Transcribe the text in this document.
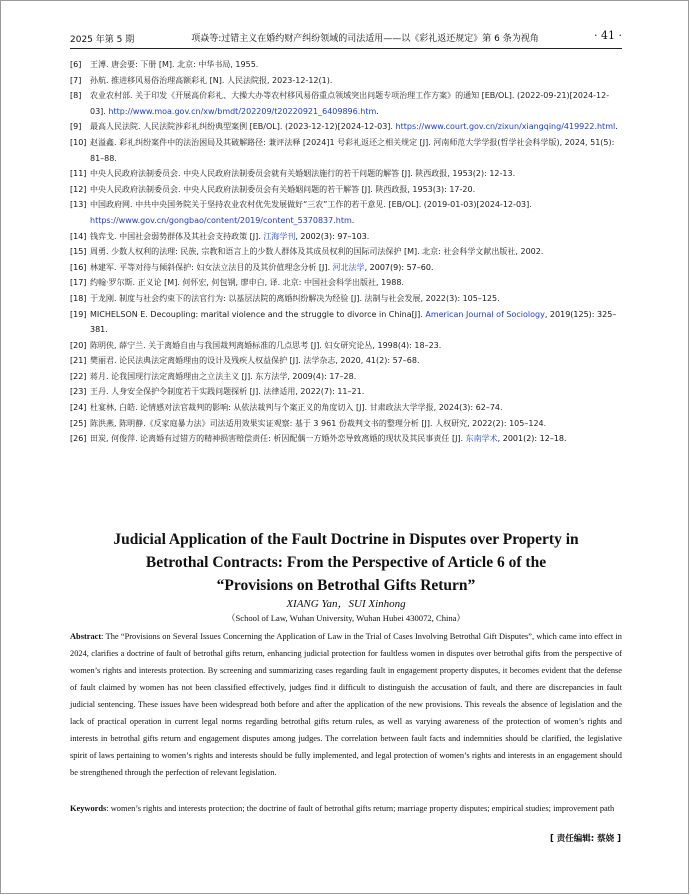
2025 年第 5 期	项焱等:过错主义在婚约财产纠纷领域的司法适用——以《彩礼返还规定》第 6 条为视角	· 41 ·
[6] 王溥. 唐会要: 下册 [M]. 北京: 中华书局, 1955.
[7] 孙航. 推进移风易俗治理高额彩礼 [N]. 人民法院报, 2023-12-12(1).
[8] 农业农村部. 关于印发《开展高价彩礼、大操大办等农村移风易俗重点领域突出问题专项治理工作方案》的通知 [EB/OL]. (2022-09-21)[2024-12-03]. http://www.moa.gov.cn/xw/bmdt/202209/t20220921_6409896.htm.
[9] 最高人民法院. 人民法院涉彩礼纠纷典型案例 [EB/OL]. (2023-12-12)[2024-12-03]. https://www.court.gov.cn/zixun/xiangqing/419922.html.
[10] 赵溢鑫. 彩礼纠纷案件中的法治困局及其破解路径: 兼评法释 [2024]1 号彩礼返还之相关规定 [J]. 河南师范大学学报(哲学社会科学版), 2024, 51(5): 81–88.
[11] 中央人民政府法制委员会. 中央人民政府法制委员会就有关婚姻法施行的若干问题的解答 [J]. 陕西政报, 1953(2): 12-13.
[12] 中央人民政府法制委员会. 中央人民政府法制委员会有关婚姻问题的若干解答 [J]. 陕西政报, 1953(3): 17-20.
[13] 中国政府网. 中共中央国务院关于坚持农业农村优先发展做好“三农”工作的若干意见. [EB/OL]. (2019-01-03)[2024-12-03]. https://www.gov.cn/gongbao/content/2019/content_5370837.htm.
[14] 钱弈戈. 中国社会弱势群体及其社会支持政策 [J]. 江海学刊, 2002(3): 97–103.
[15] 周勇. 少数人权利的法理: 民族, 宗教和语言上的少数人群体及其成员权利的国际司法保护 [M]. 北京: 社会科学文献出版社, 2002.
[16] 林建军. 平等对待与倾斜保护: 妇女法立法目的及其价值理念分析 [J]. 河北法学, 2007(9): 57–60.
[17] 约翰·罗尔斯. 正义论 [M]. 何怀宏, 何包钢, 廖申白, 译. 北京: 中国社会科学出版社, 1988.
[18] 于龙刚. 制度与社会约束下的法官行为: 以基层法院的离婚纠纷解决为经验 [J]. 法制与社会发展, 2022(3): 105–125.
[19] MICHELSON E. Decoupling: marital violence and the struggle to divorce in China[J]. American Journal of Sociology, 2019(125): 325–381.
[20] 陈明侠, 薛宁兰. 关于离婚自由与我国裁判离婚标准的几点思考 [J]. 妇女研究论丛, 1998(4): 18–23.
[21] 樊丽君. 论民法典法定离婚理由的设计及残疾人权益保护 [J]. 法学杂志, 2020, 41(2): 57–68.
[22] 蒋月. 论我国现行法定离婚理由之立法主义 [J]. 东方法学, 2009(4): 17–28.
[23] 王丹. 人身安全保护令制度若干实践问题探析 [J]. 法律适用, 2022(7): 11–21.
[24] 杜宴林, 白皓. 论情感对法官裁判的影响: 从依法裁判与个案正义的角度切入 [J]. 甘肃政法大学学报, 2024(3): 62–74.
[25] 陈洪燕, 陈明静.《反家庭暴力法》司法适用效果实证观察: 基于 3 961 份裁判文书的整理分析 [J]. 人权研究, 2022(2): 105–124.
[26] 田炭, 何俊萍. 论离婚有过错方的精神损害赔偿责任: 析因配偶一方婚外恋导致离婚的现状及其民事责任 [J]. 东南学术, 2001(2): 12–18.
Judicial Application of the Fault Doctrine in Disputes over Property in
Betrothal Contracts: From the Perspective of Article 6 of the
“Provisions on Betrothal Gifts Return”
XIANG Yan，SUI Xinhong
（School of Law, Wuhan University, Wuhan Hubei 430072, China）
Abstract: The “Provisions on Several Issues Concerning the Application of Law in the Trial of Cases Involving Betrothal Gift Disputes”, which came into effect in 2024, clarifies a doctrine of fault of betrothal gifts return, enhancing judicial protection for faultless women in disputes over betrothal gifts from the perspective of women’s rights and interests protection. By screening and summarizing cases regarding fault in engagement property disputes, it becomes evident that the defense of fault claimed by women has not been classified effectively, judges find it difficult to distinguish the accusation of fault, and there are discrepancies in fault judicial sentencing. These issues have been widespread both before and after the application of the new provisions. This reveals the absence of legislation and the lack of practical operation in current legal norms regarding betrothal gifts return rules, as well as varying awareness of the protection of women’s rights and interests in betrothal gifts return and engagement disputes among judges. The correlation between fault facts and indemnities should be clarified, the legislative spirit of laws pertaining to women’s rights and interests should be fully implemented, and legal protection of women’s rights and interests in an engagement should be strengthened through the perfection of relevant legislation.
Keywords: women’s rights and interests protection; the doctrine of fault of betrothal gifts return; marriage property disputes; empirical studies; improvement path
[ 责任编辑: 蔡娆 ]
